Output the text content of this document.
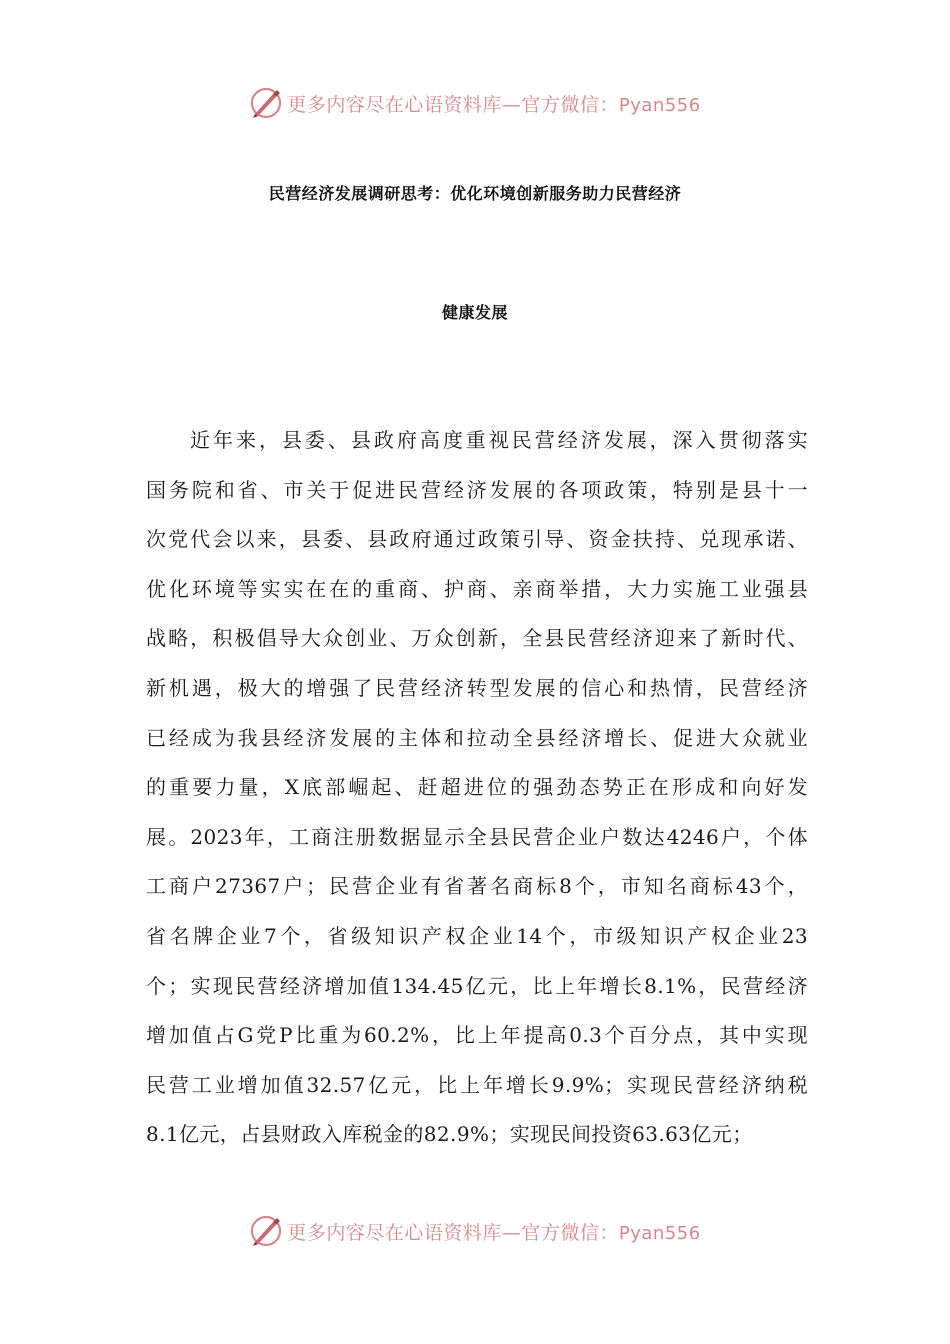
更多内容尽在心语资料库—官方微信：Pyan556
民营经济发展调研思考：优化环境创新服务助力民营经济
健康发展
近年来，县委、县政府高度重视民营经济发展，深入贯彻落实
国务院和省、市关于促进民营经济发展的各项政策，特别是县十一
次党代会以来，县委、县政府通过政策引导、资金扶持、兑现承诺、
优化环境等实实在在的重商、护商、亲商举措，大力实施工业强县
战略，积极倡导大众创业、万众创新，全县民营经济迎来了新时代、
新机遇，极大的增强了民营经济转型发展的信心和热情，民营经济
已经成为我县经济发展的主体和拉动全县经济增长、促进大众就业
的重要力量，X底部崛起、赶超进位的强劲态势正在形成和向好发
展。2023年，工商注册数据显示全县民营企业户数达4246户，个体
工商户27367户；民营企业有省著名商标8个，市知名商标43个，
省名牌企业7个，省级知识产权企业14个，市级知识产权企业23
个；实现民营经济增加值134.45亿元，比上年增长8.1%，民营经济
增加值占G党P比重为60.2%，比上年提高0.3个百分点，其中实现
民营工业增加值32.57亿元，比上年增长9.9%；实现民营经济纳税
8.1亿元，占县财政入库税金的82.9%；实现民间投资63.63亿元；
更多内容尽在心语资料库—官方微信：Pyan556
